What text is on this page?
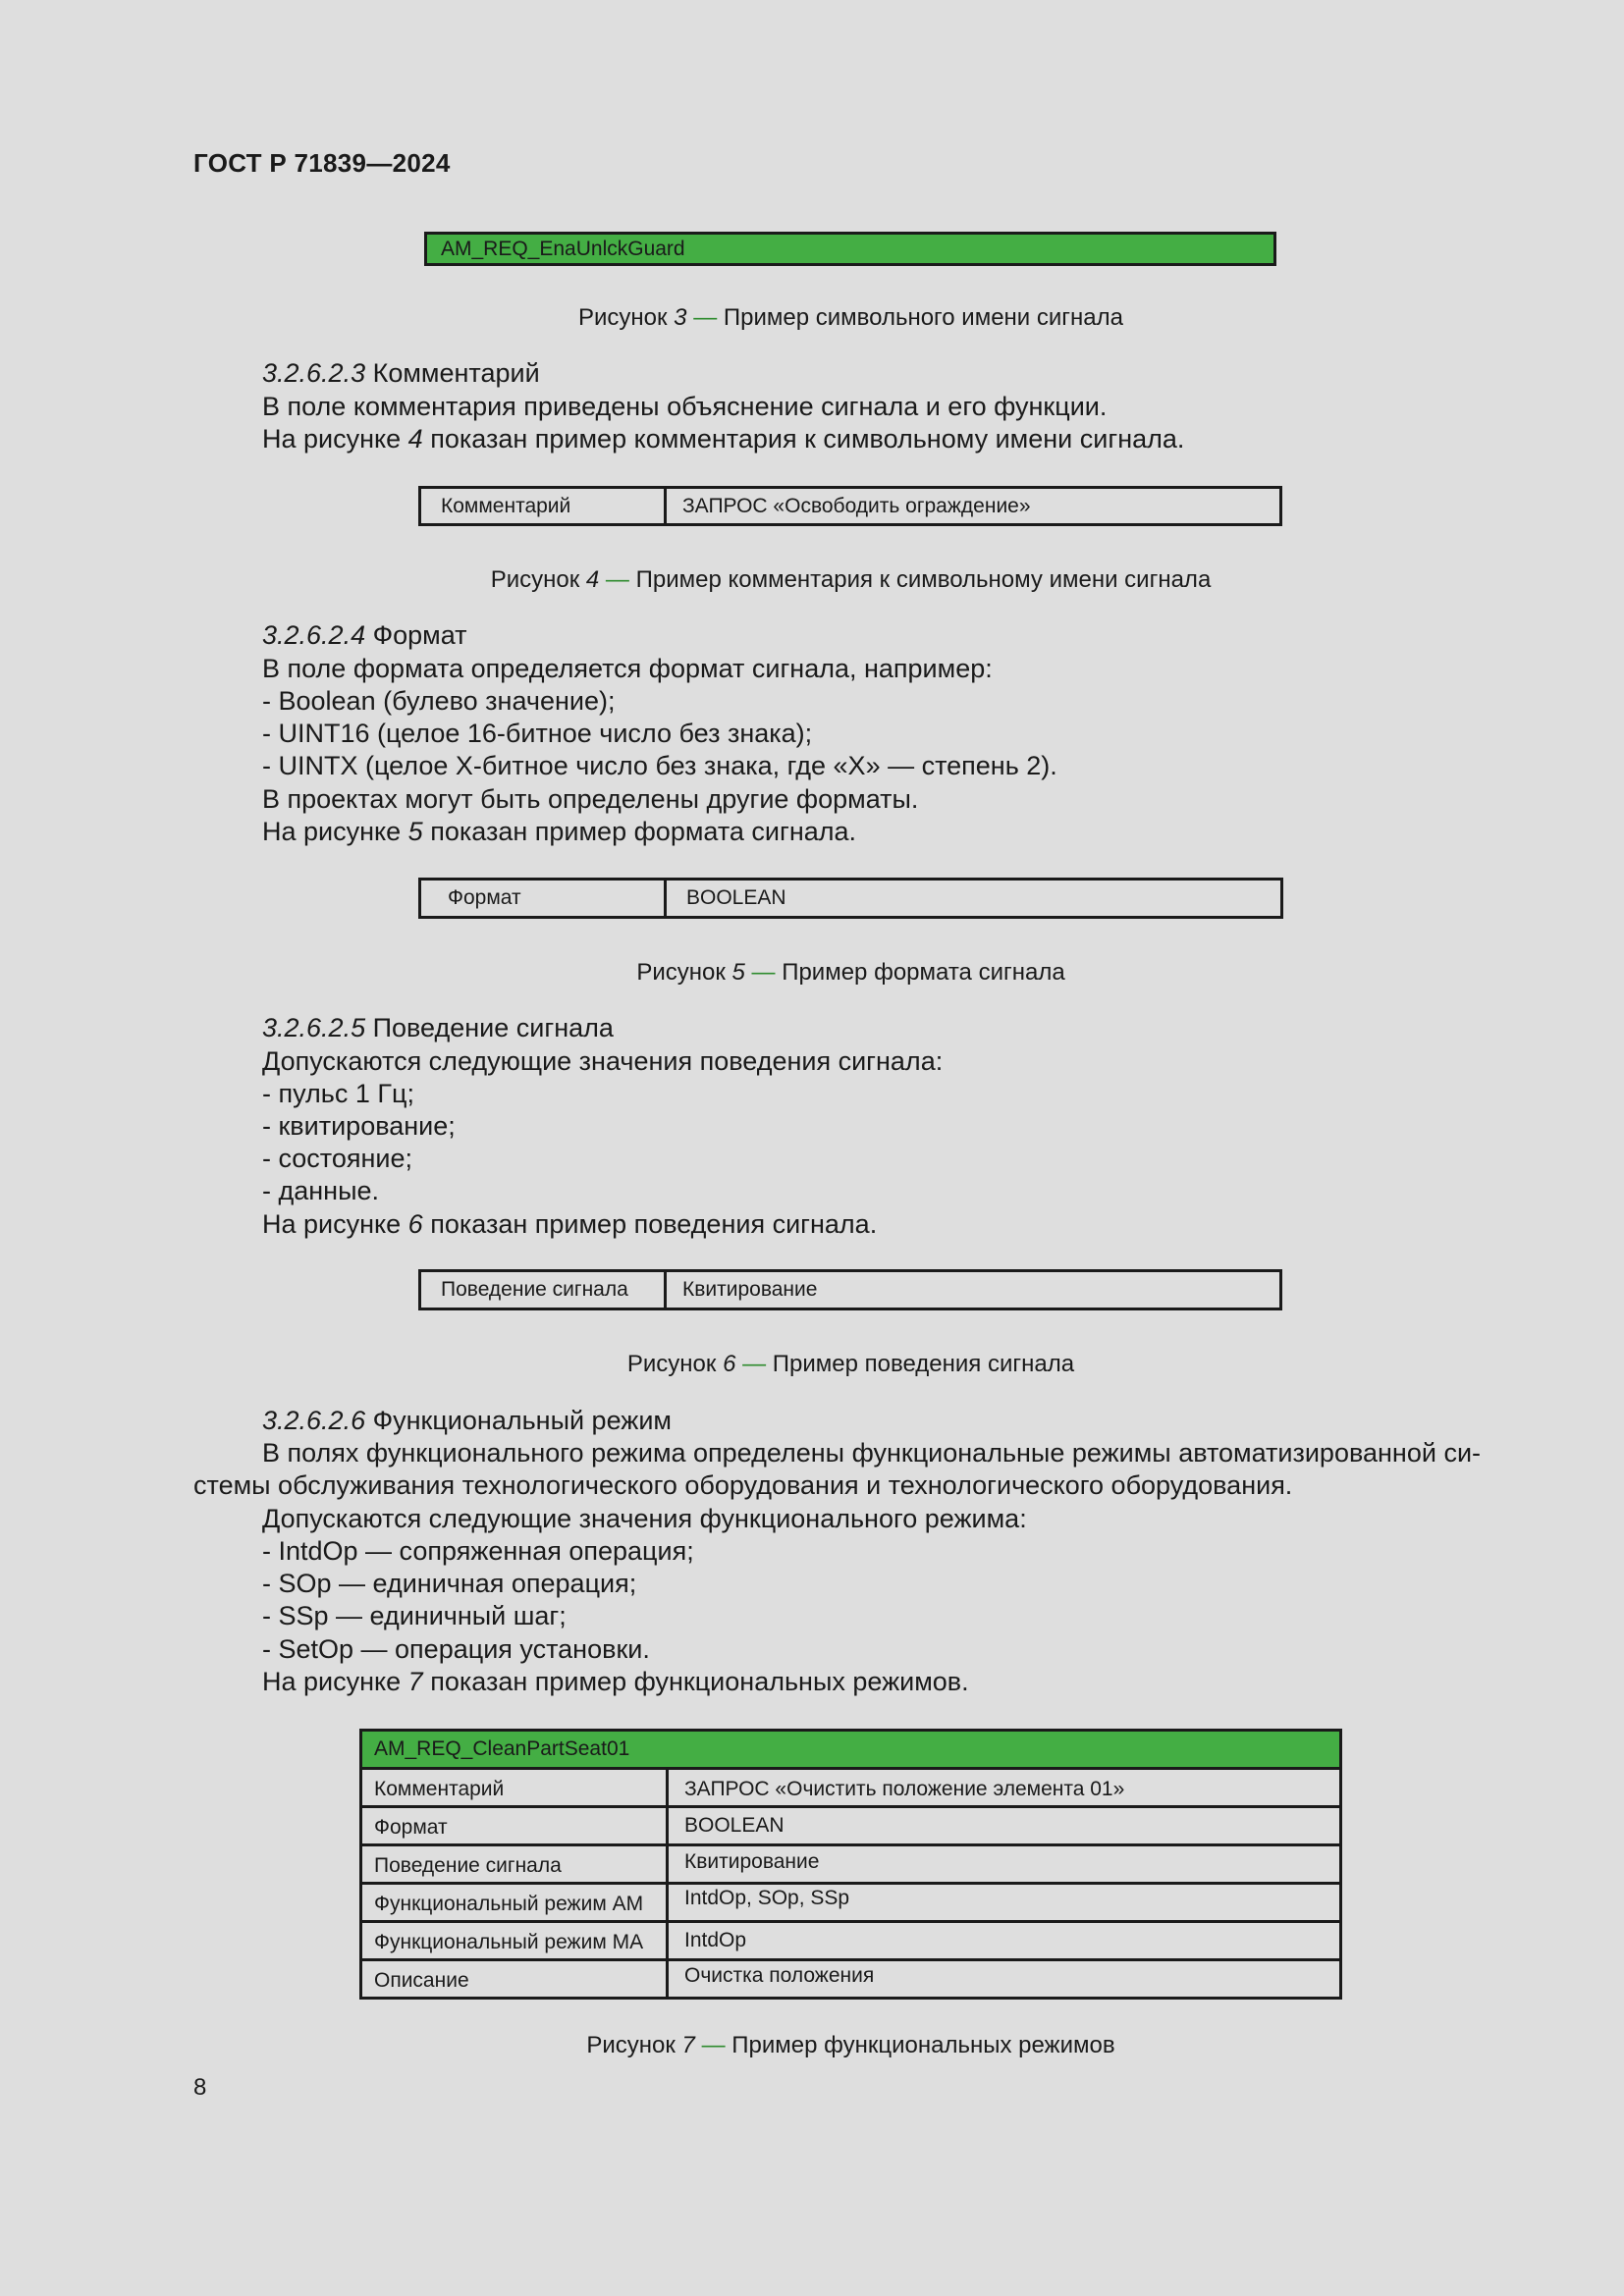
ГОСТ Р 71839—2024
AM_REQ_EnaUnlckGuard
Рисунок 3 — Пример символьного имени сигнала
3.2.6.2.3 Комментарий
В поле комментария приведены объяснение сигнала и его функции.
На рисунке 4 показан пример комментария к символьному имени сигнала.
Комментарий	ЗАПРОС «Освободить ограждение»
Рисунок 4 — Пример комментария к символьному имени сигнала
3.2.6.2.4 Формат
В поле формата определяется формат сигнала, например:
- Boolean (булево значение);
- UINT16 (целое 16-битное число без знака);
- UINTX (целое X-битное число без знака, где «X» — степень 2).
В проектах могут быть определены другие форматы.
На рисунке 5 показан пример формата сигнала.
Формат	BOOLEAN
Рисунок 5 — Пример формата сигнала
3.2.6.2.5 Поведение сигнала
Допускаются следующие значения поведения сигнала:
- пульс 1 Гц;
- квитирование;
- состояние;
- данные.
На рисунке 6 показан пример поведения сигнала.
Поведение сигнала	Квитирование
Рисунок 6 — Пример поведения сигнала
3.2.6.2.6 Функциональный режим
В полях функционального режима определены функциональные режимы автоматизированной си-
стемы обслуживания технологического оборудования и технологического оборудования.
Допускаются следующие значения функционального режима:
- IntdOp — сопряженная операция;
- SOp — единичная операция;
- SSp — единичный шаг;
- SetOp — операция установки.
На рисунке 7 показан пример функциональных режимов.
AM_REQ_CleanPartSeat01
Комментарий	ЗАПРОС «Очистить положение элемента 01»
Формат	BOOLEAN
Поведение сигнала	Квитирование
Функциональный режим AM	IntdOp, SOp, SSp
Функциональный режим МА	IntdOp
Описание	Очистка положения
Рисунок 7 — Пример функциональных режимов
8
